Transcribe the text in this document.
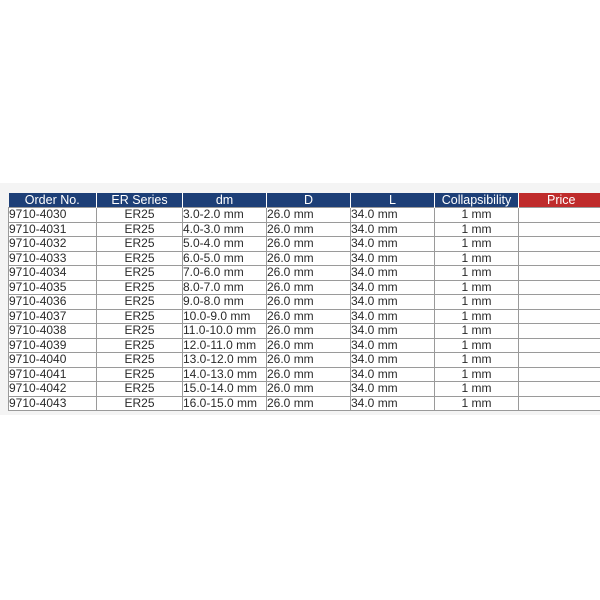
Order No.	ER Series	dm	D	L	Collapsibility	Price
9710-4030	ER25	3.0-2.0 mm	26.0 mm	34.0 mm	1 mm	$13.01
9710-4031	ER25	4.0-3.0 mm	26.0 mm	34.0 mm	1 mm	$13.01
9710-4032	ER25	5.0-4.0 mm	26.0 mm	34.0 mm	1 mm	$13.01
9710-4033	ER25	6.0-5.0 mm	26.0 mm	34.0 mm	1 mm	$13.01
9710-4034	ER25	7.0-6.0 mm	26.0 mm	34.0 mm	1 mm	$13.01
9710-4035	ER25	8.0-7.0 mm	26.0 mm	34.0 mm	1 mm	$13.01
9710-4036	ER25	9.0-8.0 mm	26.0 mm	34.0 mm	1 mm	$13.01
9710-4037	ER25	10.0-9.0 mm	26.0 mm	34.0 mm	1 mm	$13.01
9710-4038	ER25	11.0-10.0 mm	26.0 mm	34.0 mm	1 mm	$13.01
9710-4039	ER25	12.0-11.0 mm	26.0 mm	34.0 mm	1 mm	$13.01
9710-4040	ER25	13.0-12.0 mm	26.0 mm	34.0 mm	1 mm	$13.01
9710-4041	ER25	14.0-13.0 mm	26.0 mm	34.0 mm	1 mm	$13.01
9710-4042	ER25	15.0-14.0 mm	26.0 mm	34.0 mm	1 mm	$13.01
9710-4043	ER25	16.0-15.0 mm	26.0 mm	34.0 mm	1 mm	$13.01
